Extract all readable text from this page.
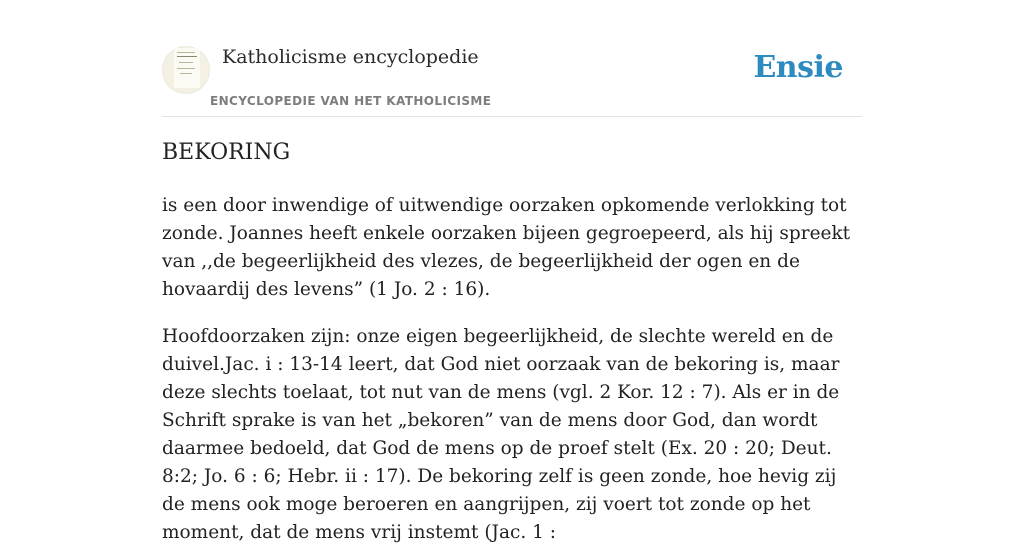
Katholicisme encyclopedie
ENCYCLOPEDIE VAN HET KATHOLICISME
Ensie
BEKORING

is een door inwendige of uitwendige oorzaken opkomende verlokking tot zonde. Joannes heeft enkele oorzaken bijeen gegroepeerd, als hij spreekt van ,,de begeerlijkheid des vlezes, de begeerlijkheid der ogen en de hovaardij des levens” (1 Jo. 2 : 16).

Hoofdoorzaken zijn: onze eigen begeerlijkheid, de slechte wereld en de duivel.Jac. i : 13-14 leert, dat God niet oorzaak van de bekoring is, maar deze slechts toelaat, tot nut van de mens (vgl. 2 Kor. 12 : 7). Als er in de Schrift sprake is van het „bekoren” van de mens door God, dan wordt daarmee bedoeld, dat God de mens op de proef stelt (Ex. 20 : 20; Deut. 8:2; Jo. 6 : 6; Hebr. ii : 17). De bekoring zelf is geen zonde, hoe hevig zij de mens ook moge beroeren en aangrijpen, zij voert tot zonde op het moment, dat de mens vrij instemt (Jac. 1 :
